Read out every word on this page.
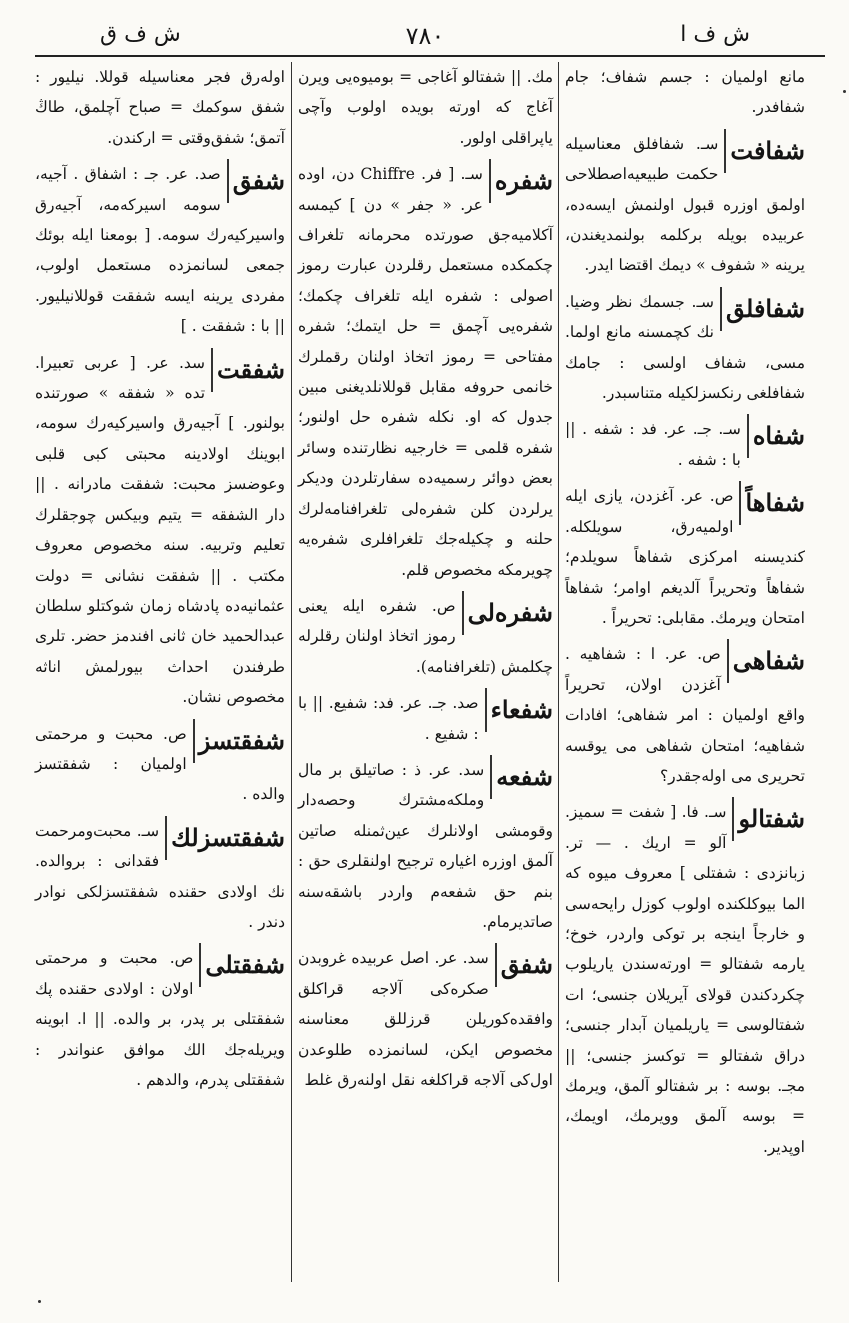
ش ف ا
٧٨٠
ش ف ق

مانع اولمیان : جسم شفاف؛ جام شفافدر.

شفافت

سـ. شفافلق معناسیله حکمت طبیعیه‌اصطلاحی اولمق اوزره قبول اولنمش ایسه‌ده، عربیده بویله برکلمه بولنمدیغندن، یرینه « شفوف » دیمك اقتضا ایدر.

شفافلق

سـ. جسمك نظر وضیا. نك کچمسنه مانع اولما. مسی، شفاف اولسی : جامك شفافلغی رنکسزلکیله متناسبدر.

شفاه

سـ. جـ. عر. فد : شفه . || با : شفه .

شفاهاً

ص. عر. آغزدن، یازی ایله اولمیه‌رق، سویلکله. کندیسنه امرکزی شفاهاً سویلدم؛ شفاهاً وتحریراً آلدیغم اوامر؛ شفاهاً امتحان ویرمك. مقابلی: تحریراً .

شفاهی

ص. عر. ا : شفاهیه . آغزدن اولان، تحریراً واقع اولمیان : امر شفاهی؛ افادات شفاهیه؛ امتحان شفاهی می یوقسه تحریری می اوله‌جقدر؟

شفتالو

سـ. فا. [ شفت = سمیز. آلو = اریك . — تر. زبانزدی : شفتلی ] معروف میوه که الما بیوکلکنده اولوب کوزل رایحه‌سی و خارجاً اینجه بر توکی واردر، خوخ؛ یارمه شفتالو = اورته‌سندن یاریلوب چکردکندن قولای آیریلان جنسی؛ ات شفتالوسی = یاریلمیان آبدار جنسی؛ دراق شفتالو = توکسز جنسی؛ || مجـ. بوسه : بر شفتالو آلمق، ویرمك = بوسه آلمق وویرمك، اویمك، اوپدیر.

مك. || شفتالو آغاجی = بومیوه‌یی ویرن آغاج که اورته بویده اولوب وآچی یاپراقلی اولور.

شفره

سـ. [ فر. Chiffre دن، اوده عر. « جفر » دن ] کیمسه آکلامیه‌جق صورتده محرمانه تلغراف چکمکده مستعمل رقلردن عبارت رموز اصولی : شفره ایله تلغراف چکمك؛ شفره‌یی آچمق = حل ایتمك؛ شفره مفتاحی = رموز اتخاذ اولنان رقملرك خانمی حروفه مقابل قوللانلدیغنی مبین جدول که او. نکله شفره حل اولنور؛ شفره قلمی = خارجیه نظارتنده وسائر بعض دوائر رسمیه‌ده سفارتلردن ودیکر یرلردن کلن شفره‌لی تلغرافنامه‌لرك حلنه و چکیله‌جك تلغرافلری شفره‌یه چویرمکه مخصوص قلم.

شفره‌لی

ص. شفره ایله یعنی رموز اتخاذ اولنان رقلرله چکلمش (تلغرافنامه).

شفعاء

صد. جـ. عر. فد: شفیع. || با : شفیع .

شفعه

سد. عر. ذ : صاتیلق بر مال وملکه‌مشترك وحصه‌دار وقومشی اولانلرك عین‌ثمنله صاتین آلمق اوزره اغیاره ترجیح اولنقلری حق : بنم حق شفعه‌م واردر باشقه‌سنه صاتدیرمام.

شفق

سد. عر. اصل عربیده غروبدن صکره‌کی آلاجه قراکلق وافقده‌کوریلن قرزللق معناسنه مخصوص ایکن، لسانمزده طلوعدن اول‌کی آلاجه قراکلغه نقل اولنه‌رق غلط

اوله‌رق فجر معناسیله قوللا. نیلیور : شفق سوکمك = صباح آچلمق، طاڭ آتمق؛ شفق‌وقتی = اركندن.

شفق

صد. عر. جـ : اشفاق . آجیه، سومه اسیرکه‌مه، آجیه‌رق واسیرکیه‌رك سومه. [ بومعنا ایله بوئك جمعی لسانمزده مستعمل اولوب، مفردی یرینه ایسه شفقت قوللانیلیور. || با : شفقت . ]

شفقت

سد. عر. [ عربی تعبیرا. تده « شفقه » صورتنده بولنور. ] آجیه‌رق واسیرکیه‌رك سومه، ابوینك اولادینه محبتی کبی قلبی وعوضسز محبت: شفقت مادرانه . || دار الشفقه = یتیم وبیکس چوجقلرك تعلیم وتربیه. سنه مخصوص معروف مکتب . || شفقت نشانی = دولت عثمانیه‌ده پادشاه زمان شوکتلو سلطان عبدالحمید خان ثانی افندمز حضر. تلری طرفندن احداث بیورلمش اناثه مخصوص نشان.

شفقتسز

ص. محبت و مرحمتی اولمیان : شفقتسز والده .

شفقتسزلك

سـ. محبت‌ومرحمت فقدانی : بروالده. نك اولادی حقنده شفقتسزلکی نوادر دندر .

شفقتلی

ص. محبت و مرحمتی اولان : اولادی حقنده پك شفقتلی بر پدر، بر والده. || ا. ابوینه ویریله‌جك الك موافق عنواندر : شفقتلی پدرم، والدهم .
